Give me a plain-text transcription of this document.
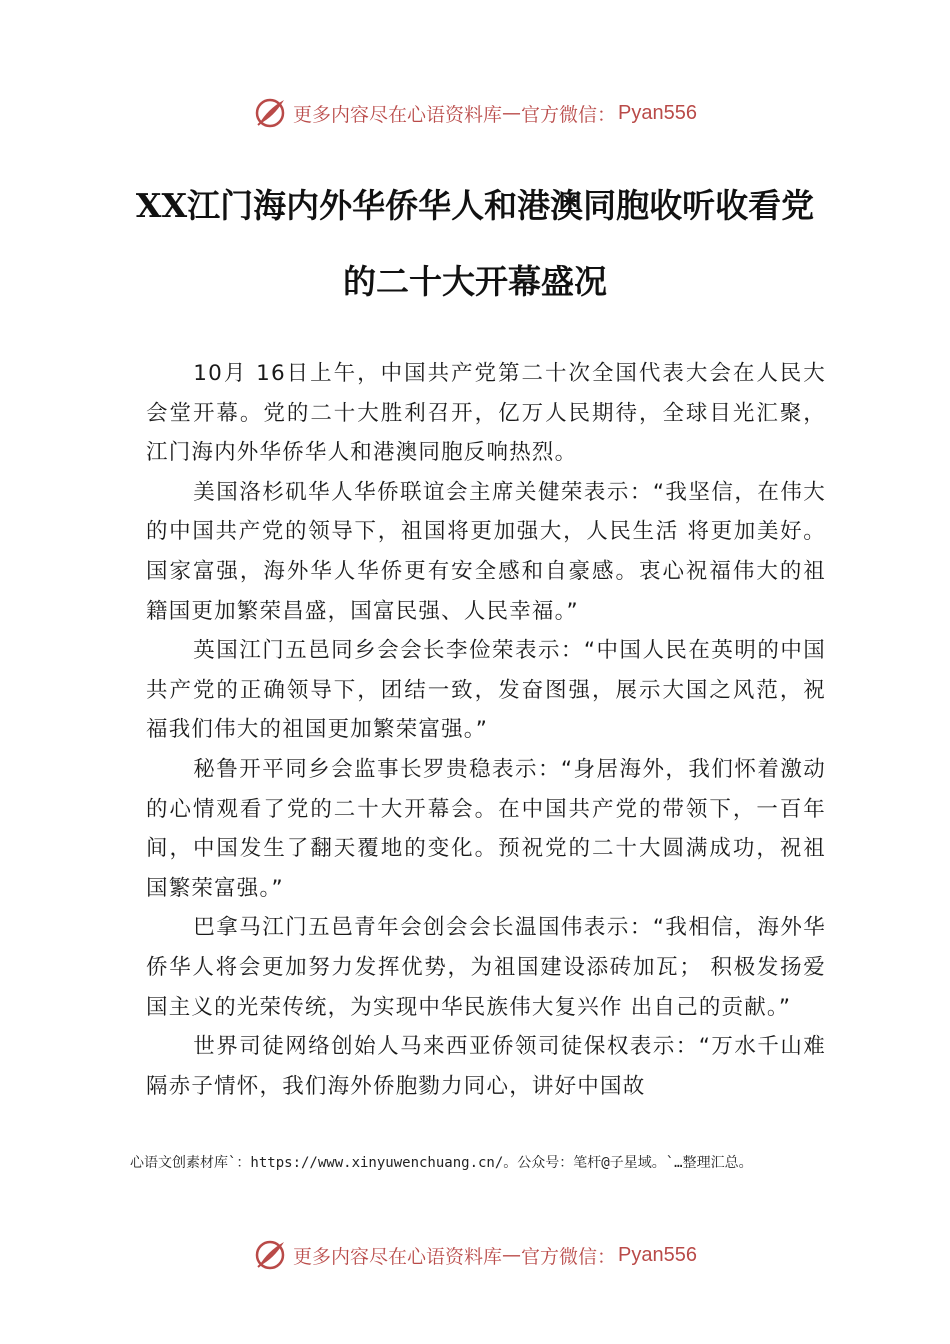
更多内容尽在心语资料库 — 官方微信： Pyan556
XX江门海内外华侨华人和港澳同胞收听收看党的二十大开幕盛况

10月 16日上午，中国共产党第二十次全国代表大会在人民大会堂开幕。党的二十大胜利召开，亿万人民期待，全球目光汇聚，江门海内外华侨华人和港澳同胞反响热烈。

美国洛杉矶华人华侨联谊会主席关健荣表示：“我坚信，在伟大的中国共产党的领导下，祖国将更加强大，人民生活 将更加美好。国家富强，海外华人华侨更有安全感和自豪感。衷心祝福伟大的祖籍国更加繁荣昌盛，国富民强、人民幸福。”

英国江门五邑同乡会会长李俭荣表示：“中国人民在英明的中国共产党的正确领导下，团结一致，发奋图强，展示大国之风范，祝福我们伟大的祖国更加繁荣富强。”

秘鲁开平同乡会监事长罗贵稳表示：“身居海外，我们怀着激动的心情观看了党的二十大开幕会。在中国共产党的带领下，一百年间，中国发生了翻天覆地的变化。预祝党的二十大圆满成功，祝祖国繁荣富强。”

巴拿马江门五邑青年会创会会长温国伟表示：“我相信，海外华侨华人将会更加努力发挥优势，为祖国建设添砖加瓦； 积极发扬爱国主义的光荣传统，为实现中华民族伟大复兴作 出自己的贡献。”

世界司徒网络创始人马来西亚侨领司徒保权表示：“万水千山难隔赤子情怀，我们海外侨胞勠力同心，讲好中国故

心语文创素材库`：https://www.xinyuwenchuang.cn/。公众号：笔杆@子星域。`…整理汇总。
更多内容尽在心语资料库 — 官方微信： Pyan556
